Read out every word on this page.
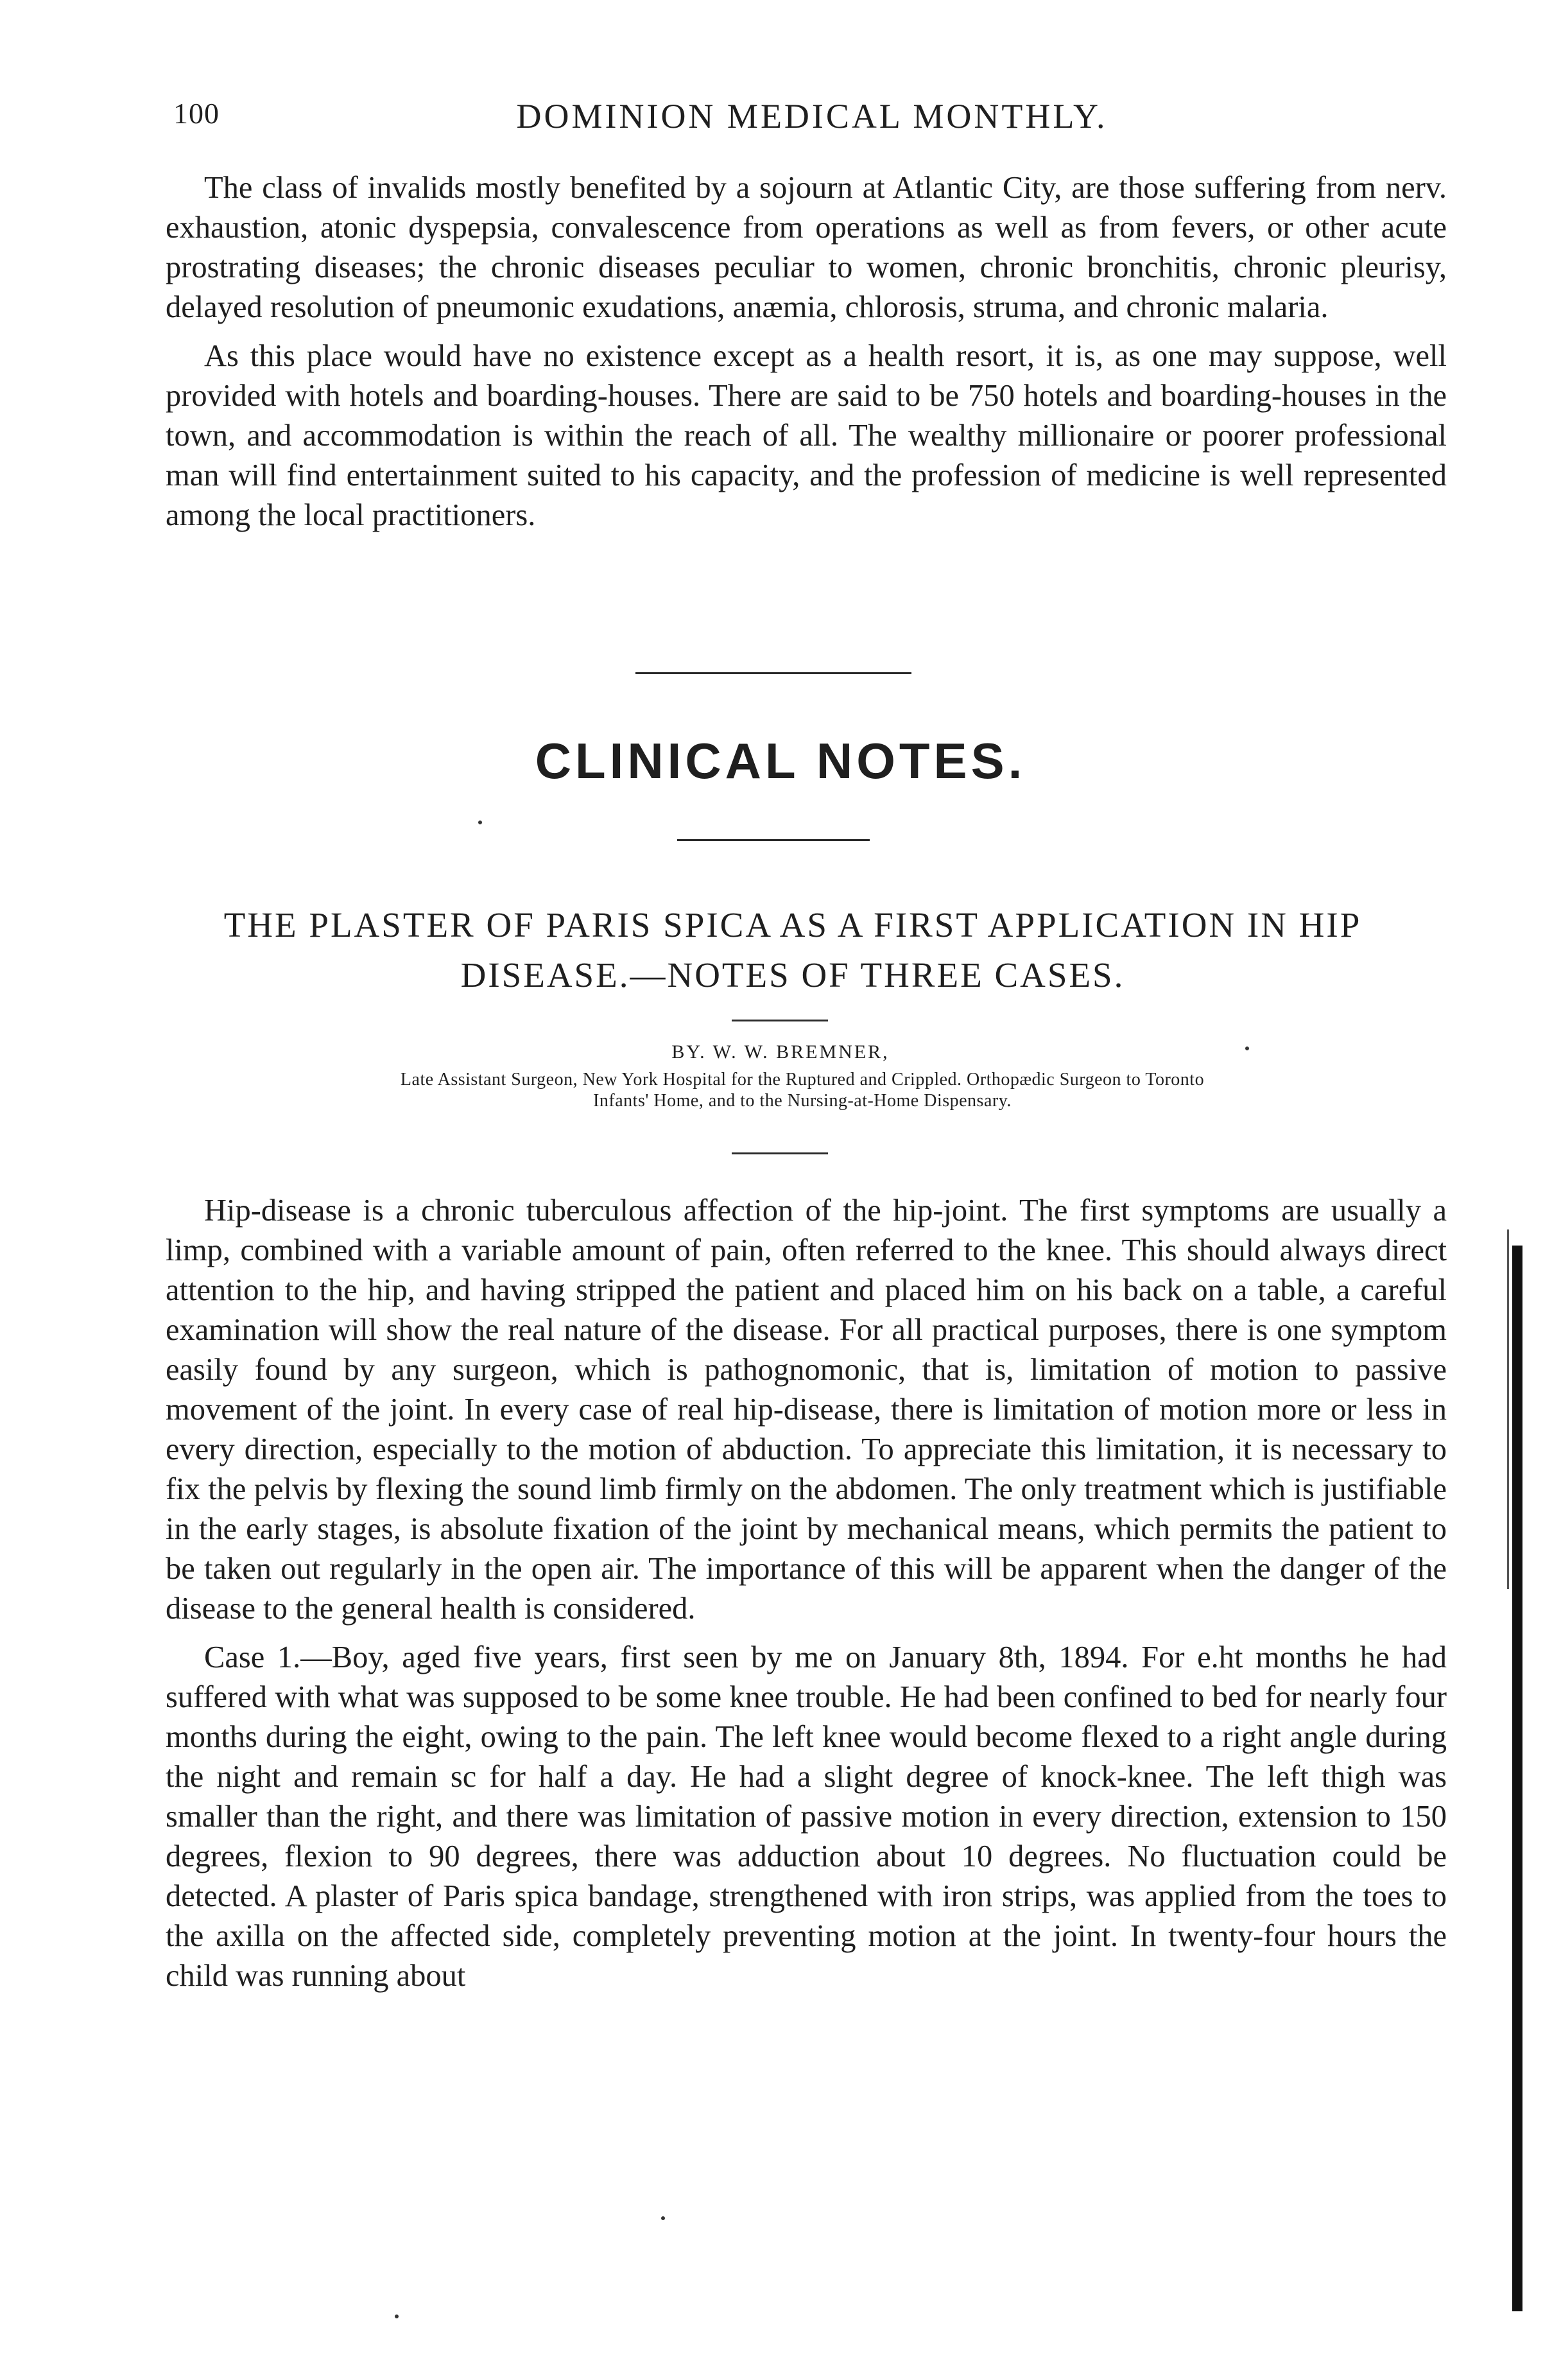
100	DOMINION MEDICAL MONTHLY.

The class of invalids mostly benefited by a sojourn at Atlantic City, are those suffering from nerv. exhaustion, atonic dyspepsia, convalescence from operations as well as from fevers, or other acute prostrating diseases; the chronic diseases peculiar to women, chronic bronchitis, chronic pleurisy, delayed resolution of pneumonic exudations, anæmia, chlorosis, struma, and chronic malaria.

As this place would have no existence except as a health resort, it is, as one may suppose, well provided with hotels and boarding-houses. There are said to be 750 hotels and boarding-houses in the town, and accommodation is within the reach of all. The wealthy millionaire or poorer professional man will find entertainment suited to his capacity, and the profession of medicine is well represented among the local practitioners.

CLINICAL NOTES.
THE PLASTER OF PARIS SPICA AS A FIRST APPLICATION IN HIP
DISEASE.—NOTES OF THREE CASES.
BY. W. W. BREMNER,
Late Assistant Surgeon, New York Hospital for the Ruptured and Crippled. Orthopædic Surgeon to Toronto
Infants' Home, and to the Nursing-at-Home Dispensary.

Hip-disease is a chronic tuberculous affection of the hip-joint. The first symptoms are usually a limp, combined with a variable amount of pain, often referred to the knee. This should always direct attention to the hip, and having stripped the patient and placed him on his back on a table, a careful examination will show the real nature of the disease. For all practical purposes, there is one symptom easily found by any surgeon, which is pathognomonic, that is, limitation of motion to passive movement of the joint. In every case of real hip-disease, there is limitation of motion more or less in every direction, especially to the motion of abduction. To appreciate this limitation, it is necessary to fix the pelvis by flexing the sound limb firmly on the abdomen. The only treatment which is justifiable in the early stages, is absolute fixation of the joint by mechanical means, which permits the patient to be taken out regularly in the open air. The importance of this will be apparent when the danger of the disease to the general health is considered.

Case 1.—Boy, aged five years, first seen by me on January 8th, 1894. For e.ht months he had suffered with what was supposed to be some knee trouble. He had been confined to bed for nearly four months during the eight, owing to the pain. The left knee would become flexed to a right angle during the night and remain sc for half a day. He had a slight degree of knock-knee. The left thigh was smaller than the right, and there was limitation of passive motion in every direction, extension to 150 degrees, flexion to 90 degrees, there was adduction about 10 degrees. No fluctuation could be detected. A plaster of Paris spica bandage, strengthened with iron strips, was applied from the toes to the axilla on the affected side, completely preventing motion at the joint. In twenty-four hours the child was running about
